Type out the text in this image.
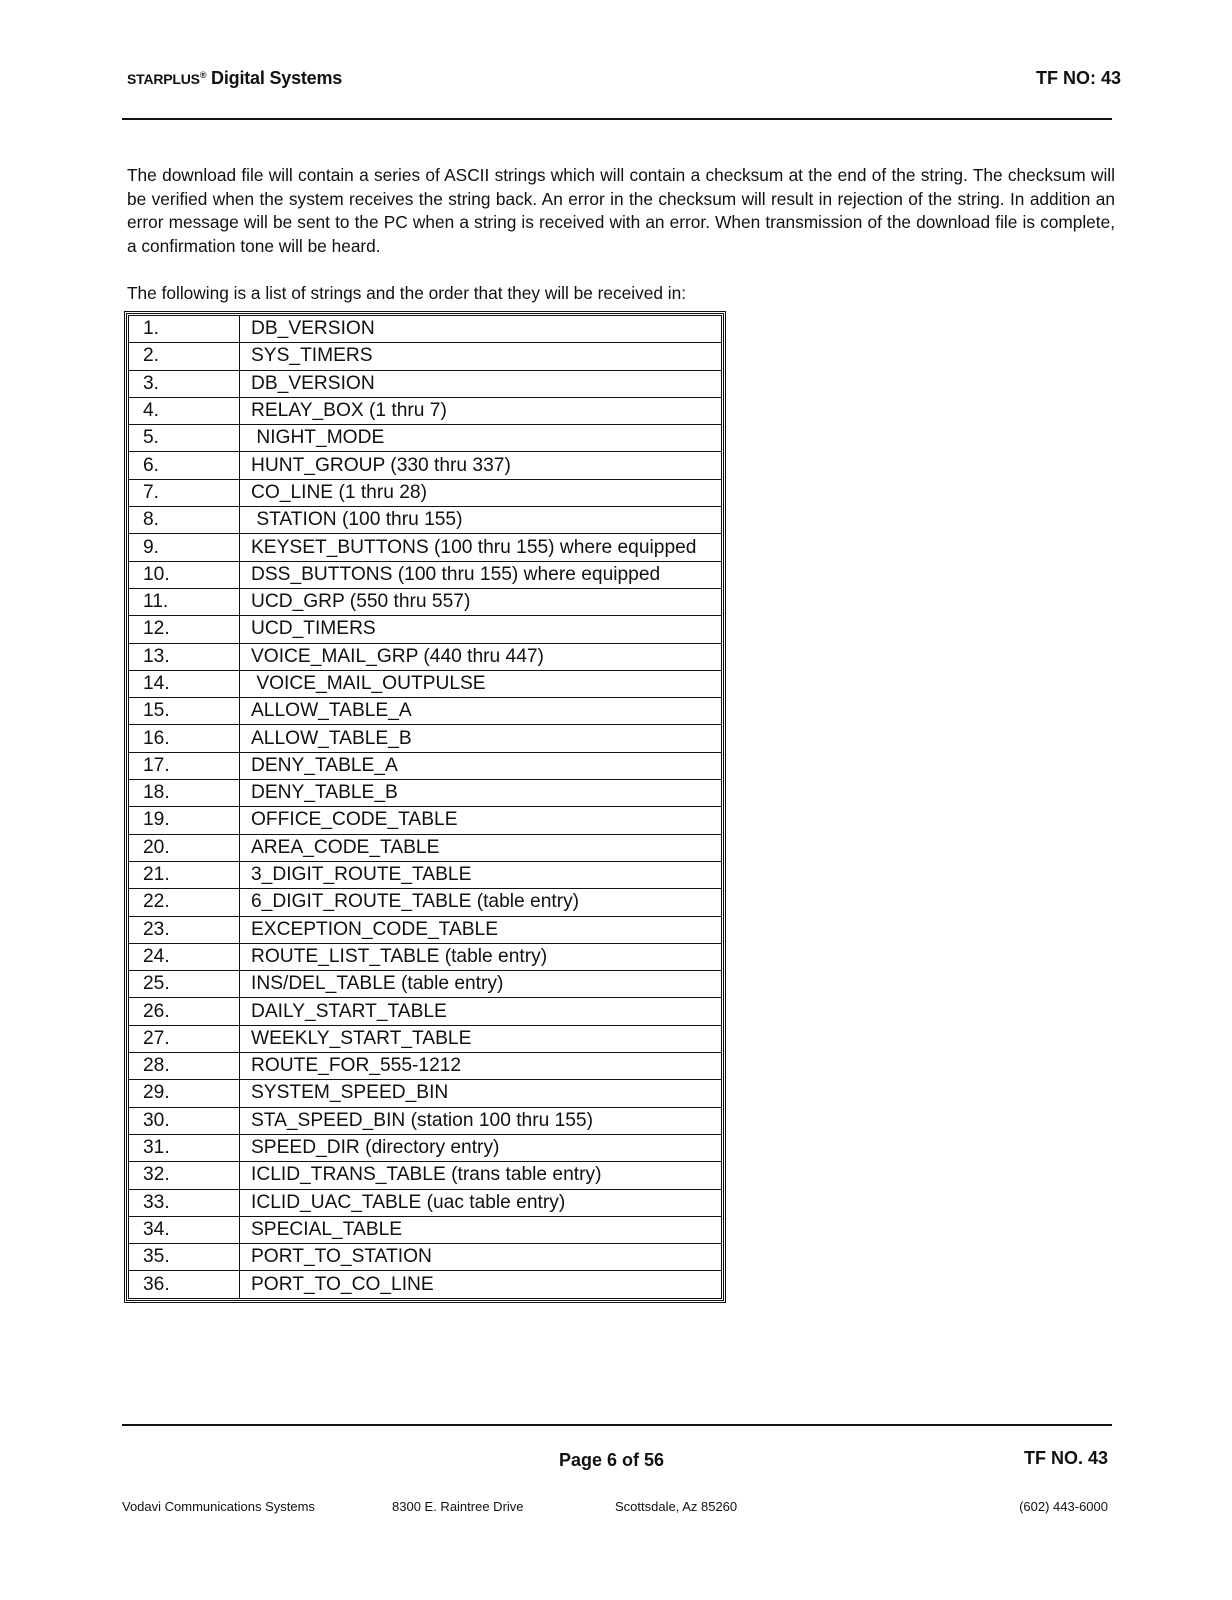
STARPLUS® Digital Systems	TF NO: 43
The download file will contain a series of ASCII strings which will contain a checksum at the end of the string. The checksum will be verified when the system receives the string back. An error in the checksum will result in rejection of the string. In addition an error message will be sent to the PC when a string is received with an error. When transmission of the download file is complete, a confirmation tone will be heard.
The following is a list of strings and the order that they will be received in:
1.	DB_VERSION
2.	SYS_TIMERS
3.	DB_VERSION
4.	RELAY_BOX (1 thru 7)
5.	NIGHT_MODE
6.	HUNT_GROUP (330 thru 337)
7.	CO_LINE (1 thru 28)
8.	STATION (100 thru 155)
9.	KEYSET_BUTTONS (100 thru 155) where equipped
10.	DSS_BUTTONS (100 thru 155) where equipped
11.	UCD_GRP (550 thru 557)
12.	UCD_TIMERS
13.	VOICE_MAIL_GRP (440 thru 447)
14.	VOICE_MAIL_OUTPULSE
15.	ALLOW_TABLE_A
16.	ALLOW_TABLE_B
17.	DENY_TABLE_A
18.	DENY_TABLE_B
19.	OFFICE_CODE_TABLE
20.	AREA_CODE_TABLE
21.	3_DIGIT_ROUTE_TABLE
22.	6_DIGIT_ROUTE_TABLE (table entry)
23.	EXCEPTION_CODE_TABLE
24.	ROUTE_LIST_TABLE (table entry)
25.	INS/DEL_TABLE (table entry)
26.	DAILY_START_TABLE
27.	WEEKLY_START_TABLE
28.	ROUTE_FOR_555-1212
29.	SYSTEM_SPEED_BIN
30.	STA_SPEED_BIN (station 100 thru 155)
31.	SPEED_DIR (directory entry)
32.	ICLID_TRANS_TABLE (trans table entry)
33.	ICLID_UAC_TABLE (uac table entry)
34.	SPECIAL_TABLE
35.	PORT_TO_STATION
36.	PORT_TO_CO_LINE
Page 6 of 56	TF NO. 43
Vodavi Communications Systems	8300 E. Raintree Drive	Scottsdale, Az 85260	(602) 443-6000
